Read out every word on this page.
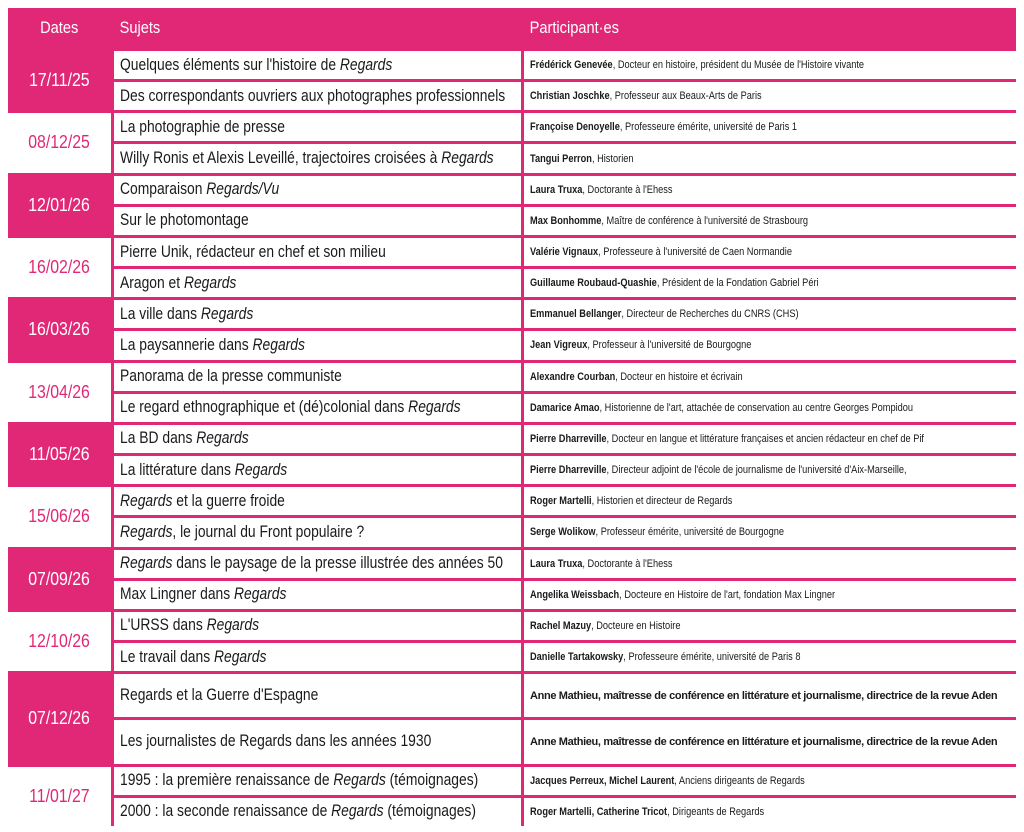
Dates	Sujets	Participant·es
17/11/25	Quelques éléments sur l'histoire de Regards	Frédérick Genevée, Docteur en histoire, président du Musée de l'Histoire vivante
	Des correspondants ouvriers aux photographes professionnels	Christian Joschke, Professeur aux Beaux-Arts de Paris
08/12/25	La photographie de presse	Françoise Denoyelle, Professeure émérite, université de Paris 1
	Willy Ronis et Alexis Leveillé, trajectoires croisées à Regards	Tangui Perron, Historien
12/01/26	Comparaison Regards/Vu	Laura Truxa, Doctorante à l'Ehess
	Sur le photomontage	Max Bonhomme, Maître de conférence à l'université de Strasbourg
16/02/26	Pierre Unik, rédacteur en chef et son milieu	Valérie Vignaux, Professeure à l'université de Caen Normandie
	Aragon et Regards	Guillaume Roubaud-Quashie, Président de la Fondation Gabriel Péri
16/03/26	La ville dans Regards	Emmanuel Bellanger, Directeur de Recherches du CNRS (CHS)
	La paysannerie dans Regards	Jean Vigreux, Professeur à l'université de Bourgogne
13/04/26	Panorama de la presse communiste	Alexandre Courban, Docteur en histoire et écrivain
	Le regard ethnographique et (dé)colonial dans Regards	Damarice Amao, Historienne de l'art, attachée de conservation au centre Georges Pompidou
11/05/26	La BD dans Regards	Pierre Dharreville, Docteur en langue et littérature françaises et ancien rédacteur en chef de Pif
	La littérature dans Regards	Pierre Dharreville, Directeur adjoint de l'école de journalisme de l'université d'Aix-Marseille,
15/06/26	Regards et la guerre froide	Roger Martelli, Historien et directeur de Regards
	Regards, le journal du Front populaire ?	Serge Wolikow, Professeur émérite, université de Bourgogne
07/09/26	Regards dans le paysage de la presse illustrée des années 50	Laura Truxa, Doctorante à l'Ehess
	Max Lingner dans Regards	Angelika Weissbach, Docteure en Histoire de l'art, fondation Max Lingner
12/10/26	L'URSS dans Regards	Rachel Mazuy, Docteure en Histoire
	Le travail dans Regards	Danielle Tartakowsky, Professeure émérite, université de Paris 8
07/12/26	Regards et la Guerre d'Espagne	Anne Mathieu, maîtresse de conférence en littérature et journalisme, directrice de la revue Aden
	Les journalistes de Regards dans les années 1930	Anne Mathieu, maîtresse de conférence en littérature et journalisme, directrice de la revue Aden
11/01/27	1995 : la première renaissance de Regards (témoignages)	Jacques Perreux, Michel Laurent, Anciens dirigeants de Regards
	2000 : la seconde renaissance de Regards (témoignages)	Roger Martelli, Catherine Tricot, Dirigeants de Regards
